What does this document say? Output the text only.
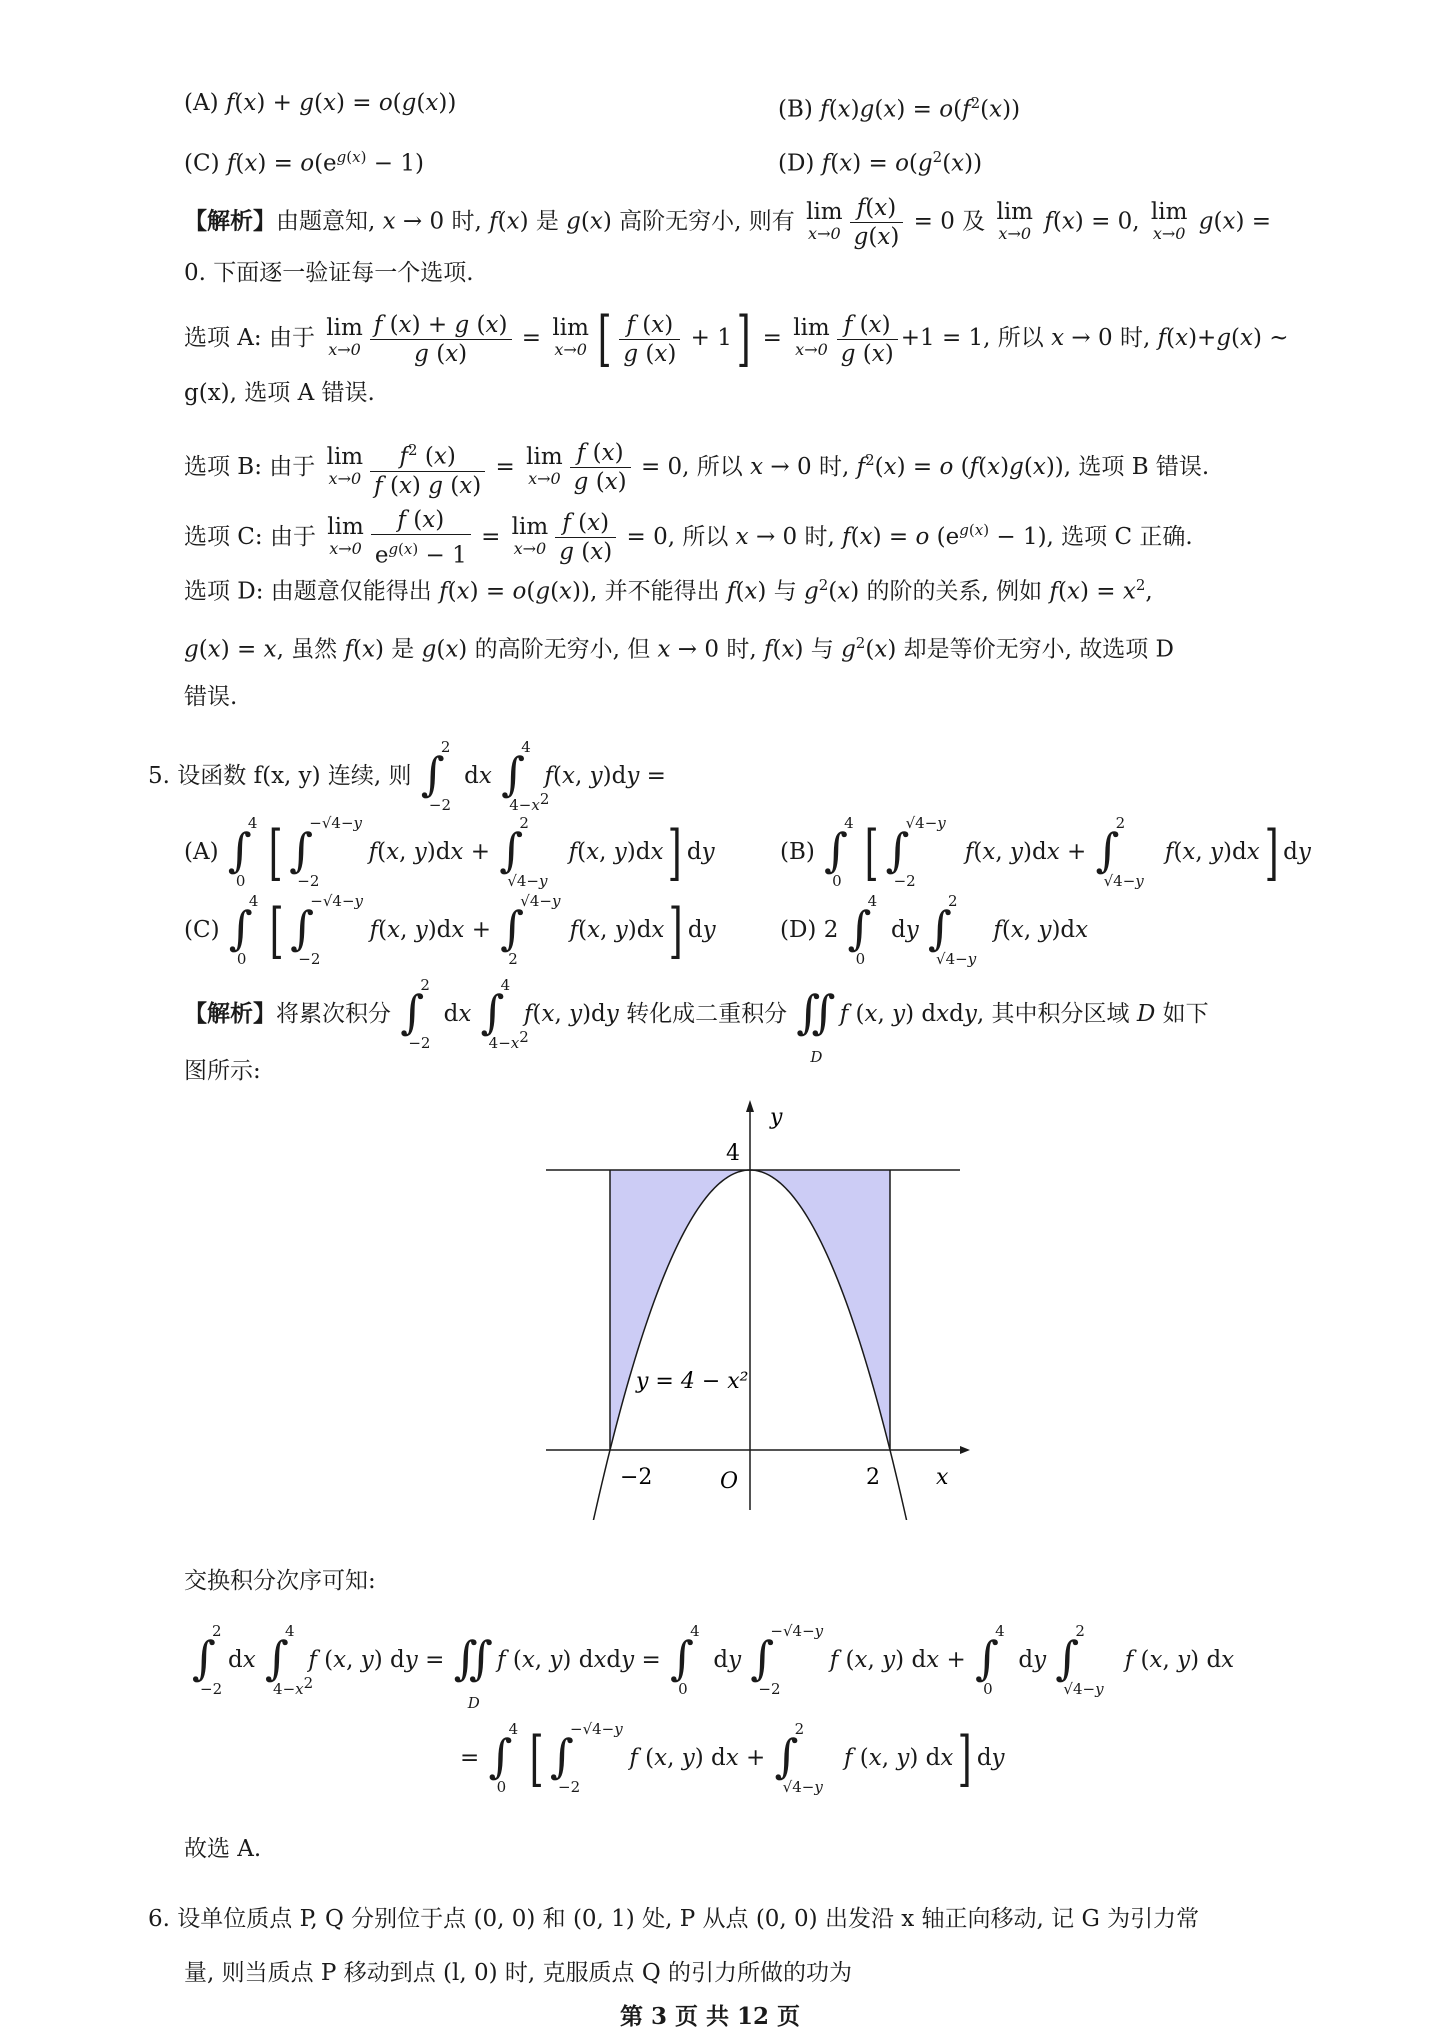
(A) f(x) + g(x) = o(g(x))	(B) $f(x)g(x) = o(f^2(x))$
(C) $f(x) = o(e^{g(x)} - 1)$	(D) $f(x) = o(g^2(x))$
【解析】由题意知, x → 0 时, f(x) 是 g(x) 高阶无穷小, 则有 lim
$x\to 0 \frac{f(x)}{g(x)} = 0$ 及 lim
x→0 f(x) = 0, lim
x→0 g(x) =
0. 下面逐一验证每一个选项.
选项 A: 由于 lim
$x\to 0 \frac{f (x) + g (x)}{g (x)} = \lim$
x→0 [ $\frac{f (x)}{g (x)} + 1] = \lim$
$x\to 0 \frac{f (x)}{g (x)} +1 = 1$, 所以 x → 0 时, f(x)+g(x) ~
g(x), 选项 A 错误.
选项 B: 由于 lim
$x\to 0 \frac{f^2 (x)}{f (x) g (x)} = \lim$
$x\to 0 \frac{f (x)}{g (x)} = 0$, 所以 x → 0 时, $f^2(x) = o$ (f(x)g(x)), 选项 B 错误.
选项 C: 由于 lim
$x\to 0 \frac{f (x)}{e^{g(x)} - 1} = \lim$
$x\to 0 \frac{f (x)}{g (x)} = 0$, 所以 x → 0 时, f(x) = o $(e^{g(x)} - 1)$, 选项 C 正确.
选项 D: 由题意仅能得出 f(x) = o(g(x)), 并不能得出 f(x) 与 $g^2(x)$ 的阶的关系, 例如 $f(x) = x^2$,
g(x) = x, 虽然 f(x) 是 g(x) 的高阶无穷小, 但 x → 0 时, f(x) 与 $g^2(x)$ 却是等价无穷小, 故选项 D
错误.
5. 设函数 f(x, y) 连续, 则 ∫
2
−2
dx ∫
4
$4-x^2$
f(x, y)dy =
(A) ∫
4
0 [ ∫
−√4−y
−2
f(x, y)dx + ∫
2
√4−y
f(x, y)dx] dy	(B) ∫
4
0 [ ∫
√4−y
−2
f(x, y)dx + ∫
2
√4−y
f(x, y)dx] dy
(C) ∫
4
0 [ ∫
−√4−y
−2
f(x, y)dx + ∫
√4−y
2
f(x, y)dx] dy	(D) 2 ∫
4
0
dy ∫
2
√4−y
f(x, y)dx
【解析】将累次积分 ∫
2
−2
dx ∫
4
$4-x^2$
f(x, y)dy 转化成二重积分 ∬
D
f (x, y) dxdy, 其中积分区域 D 如下
图所示:
y
4
y = 4 − x²
−2	O	2	x
交换积分次序可知:
∫
2
−2
dx ∫
4
$4-x^2$
f (x, y) dy = ∬
D
f (x, y) dxdy = ∫
4
0
dy ∫
−√4−y
−2
f (x, y) dx + ∫
4
0
dy ∫
2
√4−y
f (x, y) dx
= ∫
4
0 [ ∫
−√4−y
−2
f (x, y) dx + ∫
2
√4−y
f (x, y) dx] dy
故选 A.
6. 设单位质点 P, Q 分别位于点 (0, 0) 和 (0, 1) 处, P 从点 (0, 0) 出发沿 x 轴正向移动, 记 G 为引力常
量, 则当质点 P 移动到点 (l, 0) 时, 克服质点 Q 的引力所做的功为
第 3 页 共 12 页
